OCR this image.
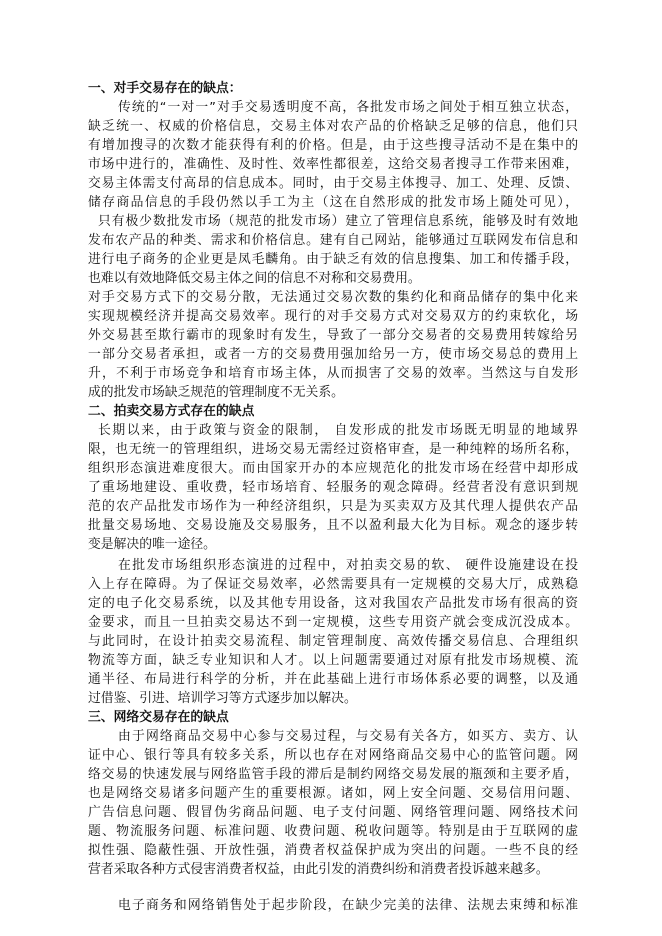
一、对手交易存在的缺点：
传统的“一对一”对手交易透明度不高，各批发市场之间处于相互独立状态，
缺乏统一、权威的价格信息，交易主体对农产品的价格缺乏足够的信息，他们只
有增加搜寻的次数才能获得有利的价格。但是，由于这些搜寻活动不是在集中的
市场中进行的，准确性、及时性、效率性都很差，这给交易者搜寻工作带来困难，
交易主体需支付高昂的信息成本。同时，由于交易主体搜寻、加工、处理、反馈、
储存商品信息的手段仍然以手工为主（这在自然形成的批发市场上随处可见），
只有极少数批发市场（规范的批发市场）建立了管理信息系统，能够及时有效地
发布农产品的种类、需求和价格信息。建有自己网站，能够通过互联网发布信息和
进行电子商务的企业更是凤毛麟角。由于缺乏有效的信息搜集、加工和传播手段，
也难以有效地降低交易主体之间的信息不对称和交易费用。
对手交易方式下的交易分散，无法通过交易次数的集约化和商品储存的集中化来
实现规模经济并提高交易效率。现行的对手交易方式对交易双方的约束软化，场
外交易甚至欺行霸市的现象时有发生，导致了一部分交易者的交易费用转嫁给另
一部分交易者承担，或者一方的交易费用强加给另一方，使市场交易总的费用上
升，不利于市场竞争和培育市场主体，从而损害了交易的效率。当然这与自发形
成的批发市场缺乏规范的管理制度不无关系。
二、拍卖交易方式存在的缺点
长期以来，由于政策与资金的限制， 自发形成的批发市场既无明显的地域界
限，也无统一的管理组织，进场交易无需经过资格审查，是一种纯粹的场所名称，
组织形态演进难度很大。而由国家开办的本应规范化的批发市场在经营中却形成
了重场地建设、重收费，轻市场培育、轻服务的观念障碍。经营者没有意识到规
范的农产品批发市场作为一种经济组织，只是为买卖双方及其代理人提供农产品
批量交易场地、交易设施及交易服务，且不以盈利最大化为目标。观念的逐步转
变是解决的唯一途径。
在批发市场组织形态演进的过程中，对拍卖交易的软、 硬件设施建设在投
入上存在障碍。为了保证交易效率，必然需要具有一定规模的交易大厅，成熟稳
定的电子化交易系统，以及其他专用设备，这对我国农产品批发市场有很高的资
金要求，而且一旦拍卖交易达不到一定规模，这些专用资产就会变成沉没成本。
与此同时，在设计拍卖交易流程、制定管理制度、高效传播交易信息、合理组织
物流等方面，缺乏专业知识和人才。以上问题需要通过对原有批发市场规模、流
通半径、布局进行科学的分析，并在此基础上进行市场体系必要的调整，以及通
过借鉴、引进、培训学习等方式逐步加以解决。
三、网络交易存在的缺点
由于网络商品交易中心参与交易过程，与交易有关各方，如买方、卖方、认
证中心、银行等具有较多关系，所以也存在对网络商品交易中心的监管问题。网
络交易的快速发展与网络监管手段的滞后是制约网络交易发展的瓶颈和主要矛盾，
也是网络交易诸多问题产生的重要根源。诸如，网上安全问题、交易信用问题、
广告信息问题、假冒伪劣商品问题、电子支付问题、网络管理问题、网络技术问
题、物流服务问题、标准问题、收费问题、税收问题等。特别是由于互联网的虚
拟性强、隐蔽性强、开放性强，消费者权益保护成为突出的问题。一些不良的经
营者采取各种方式侵害消费者权益，由此引发的消费纠纷和消费者投诉越来越多。
电子商务和网络销售处于起步阶段，在缺少完美的法律、法规去束缚和标准
